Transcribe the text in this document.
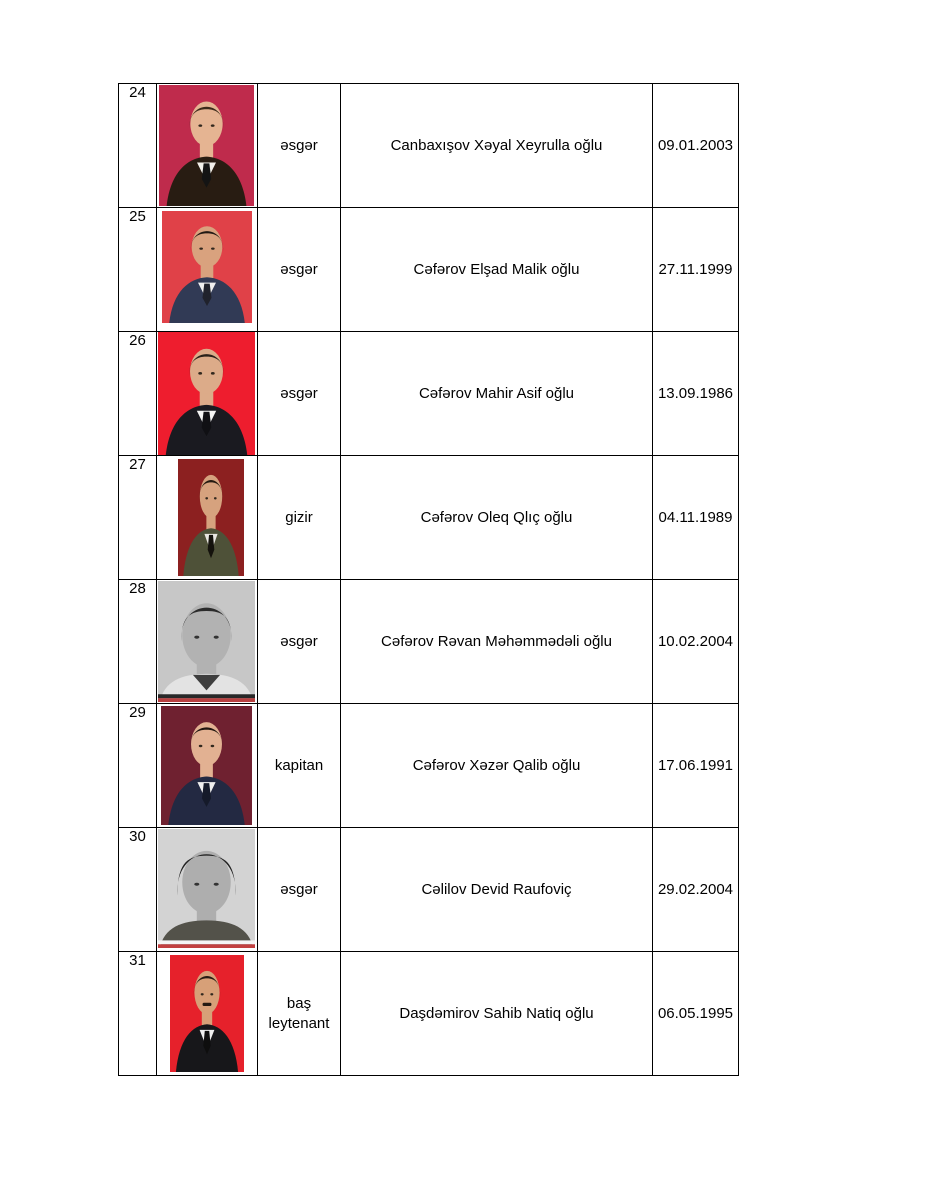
24		əsgər	Canbaxışov Xəyal Xeyrulla oğlu	09.01.2003
25		əsgər	Cəfərov Elşad Malik oğlu	27.11.1999
26		əsgər	Cəfərov Mahir Asif oğlu	13.09.1986
27		gizir	Cəfərov Oleq Qlıç oğlu	04.11.1989
28		əsgər	Cəfərov Rəvan Məhəmmədəli oğlu	10.02.2004
29		kapitan	Cəfərov Xəzər Qalib oğlu	17.06.1991
30		əsgər	Cəlilov Devid Raufoviç	29.02.2004
31		baş leytenant	Daşdəmirov Sahib Natiq oğlu	06.05.1995
